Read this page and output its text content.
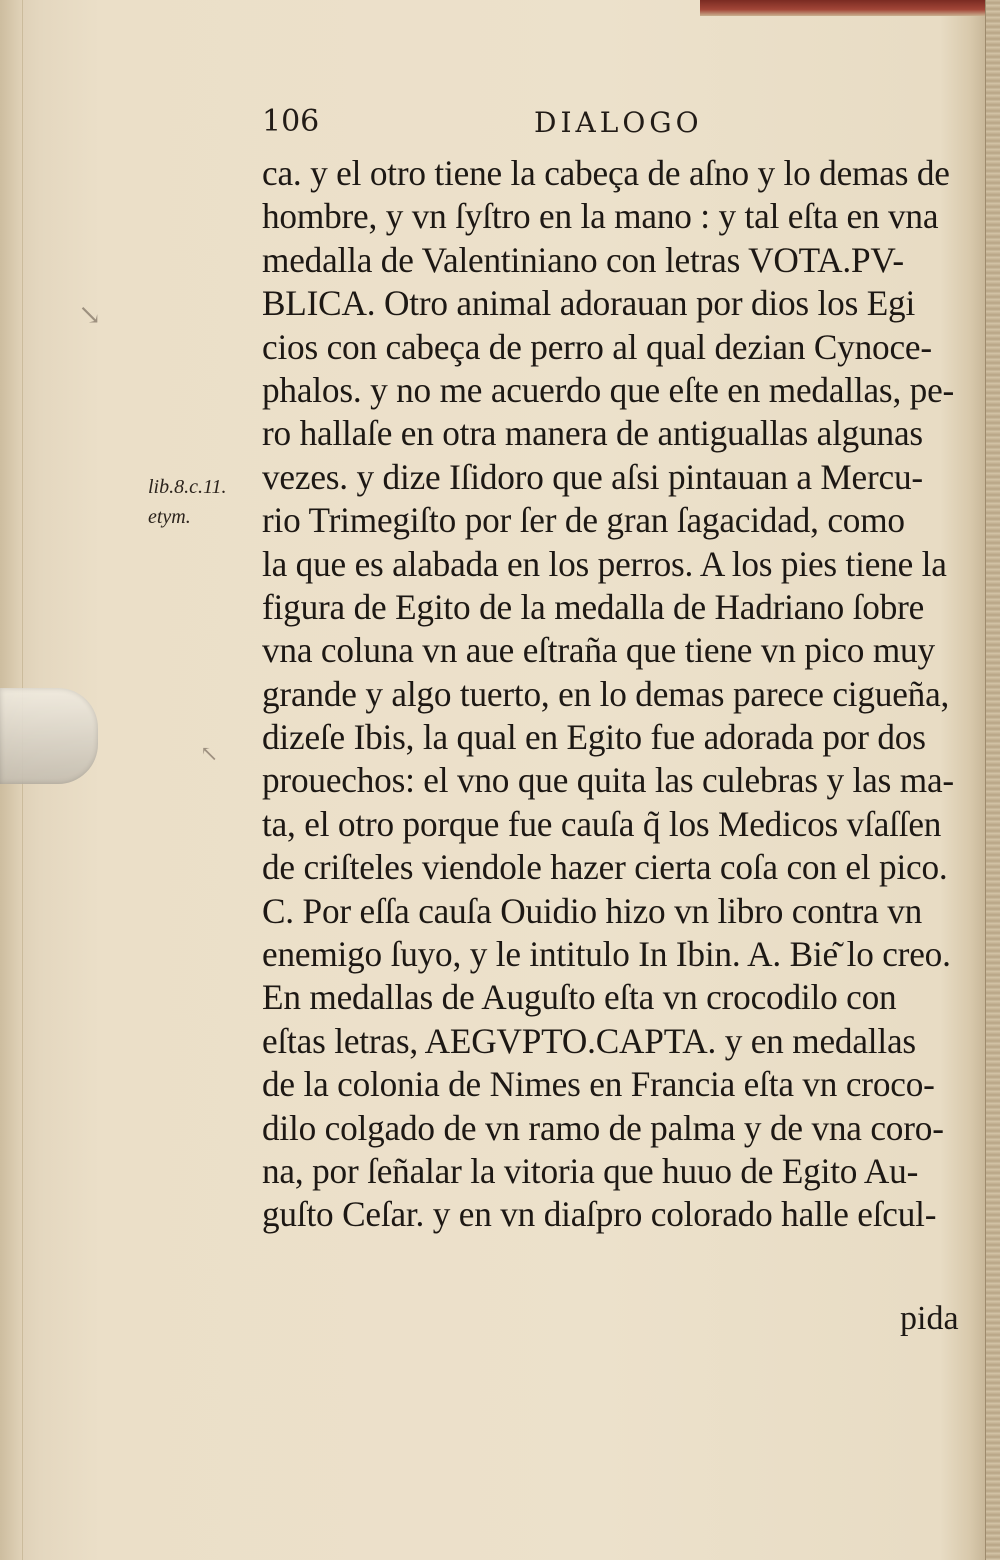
↘
↖
106	DIALOGO
lib.8.c.11.
etym.
ca. y el otro tiene la cabeça de aſno y lo demas de
hombre, y vn ſyſtro en la mano : y tal eſta en vna
medalla de Valentiniano con letras VOTA.PV-
BLICA. Otro animal adorauan por dios los Egi
cios con cabeça de perro al qual dezian Cynoce-
phalos. y no me acuerdo que eſte en medallas, pe-
ro hallaſe en otra manera de antiguallas algunas
vezes. y dize Iſidoro que aſsi pintauan a Mercu-
rio Trimegiſto por ſer de gran ſagacidad, como
la que es alabada en los perros. A los pies tiene la
figura de Egito de la medalla de Hadriano ſobre
vna coluna vn aue eſtraña que tiene vn pico muy
grande y algo tuerto, en lo demas parece cigueña,
dizeſe Ibis, la qual en Egito fue adorada por dos
prouechos: el vno que quita las culebras y las ma-
ta, el otro porque fue cauſa q̃ los Medicos vſaſſen
de criſteles viendole hazer cierta coſa con el pico.
C. Por eſſa cauſa Ouidio hizo vn libro contra vn
enemigo ſuyo, y le intitulo In Ibin. A. Bie͂ lo creo.
En medallas de Auguſto eſta vn crocodilo con
eſtas letras, AEGVPTO.CAPTA. y en medallas
de la colonia de Nimes en Francia eſta vn croco-
dilo colgado de vn ramo de palma y de vna coro-
na, por ſeñalar la vitoria que huuo de Egito Au-
guſto Ceſar. y en vn diaſpro colorado halle eſcul-
pida
